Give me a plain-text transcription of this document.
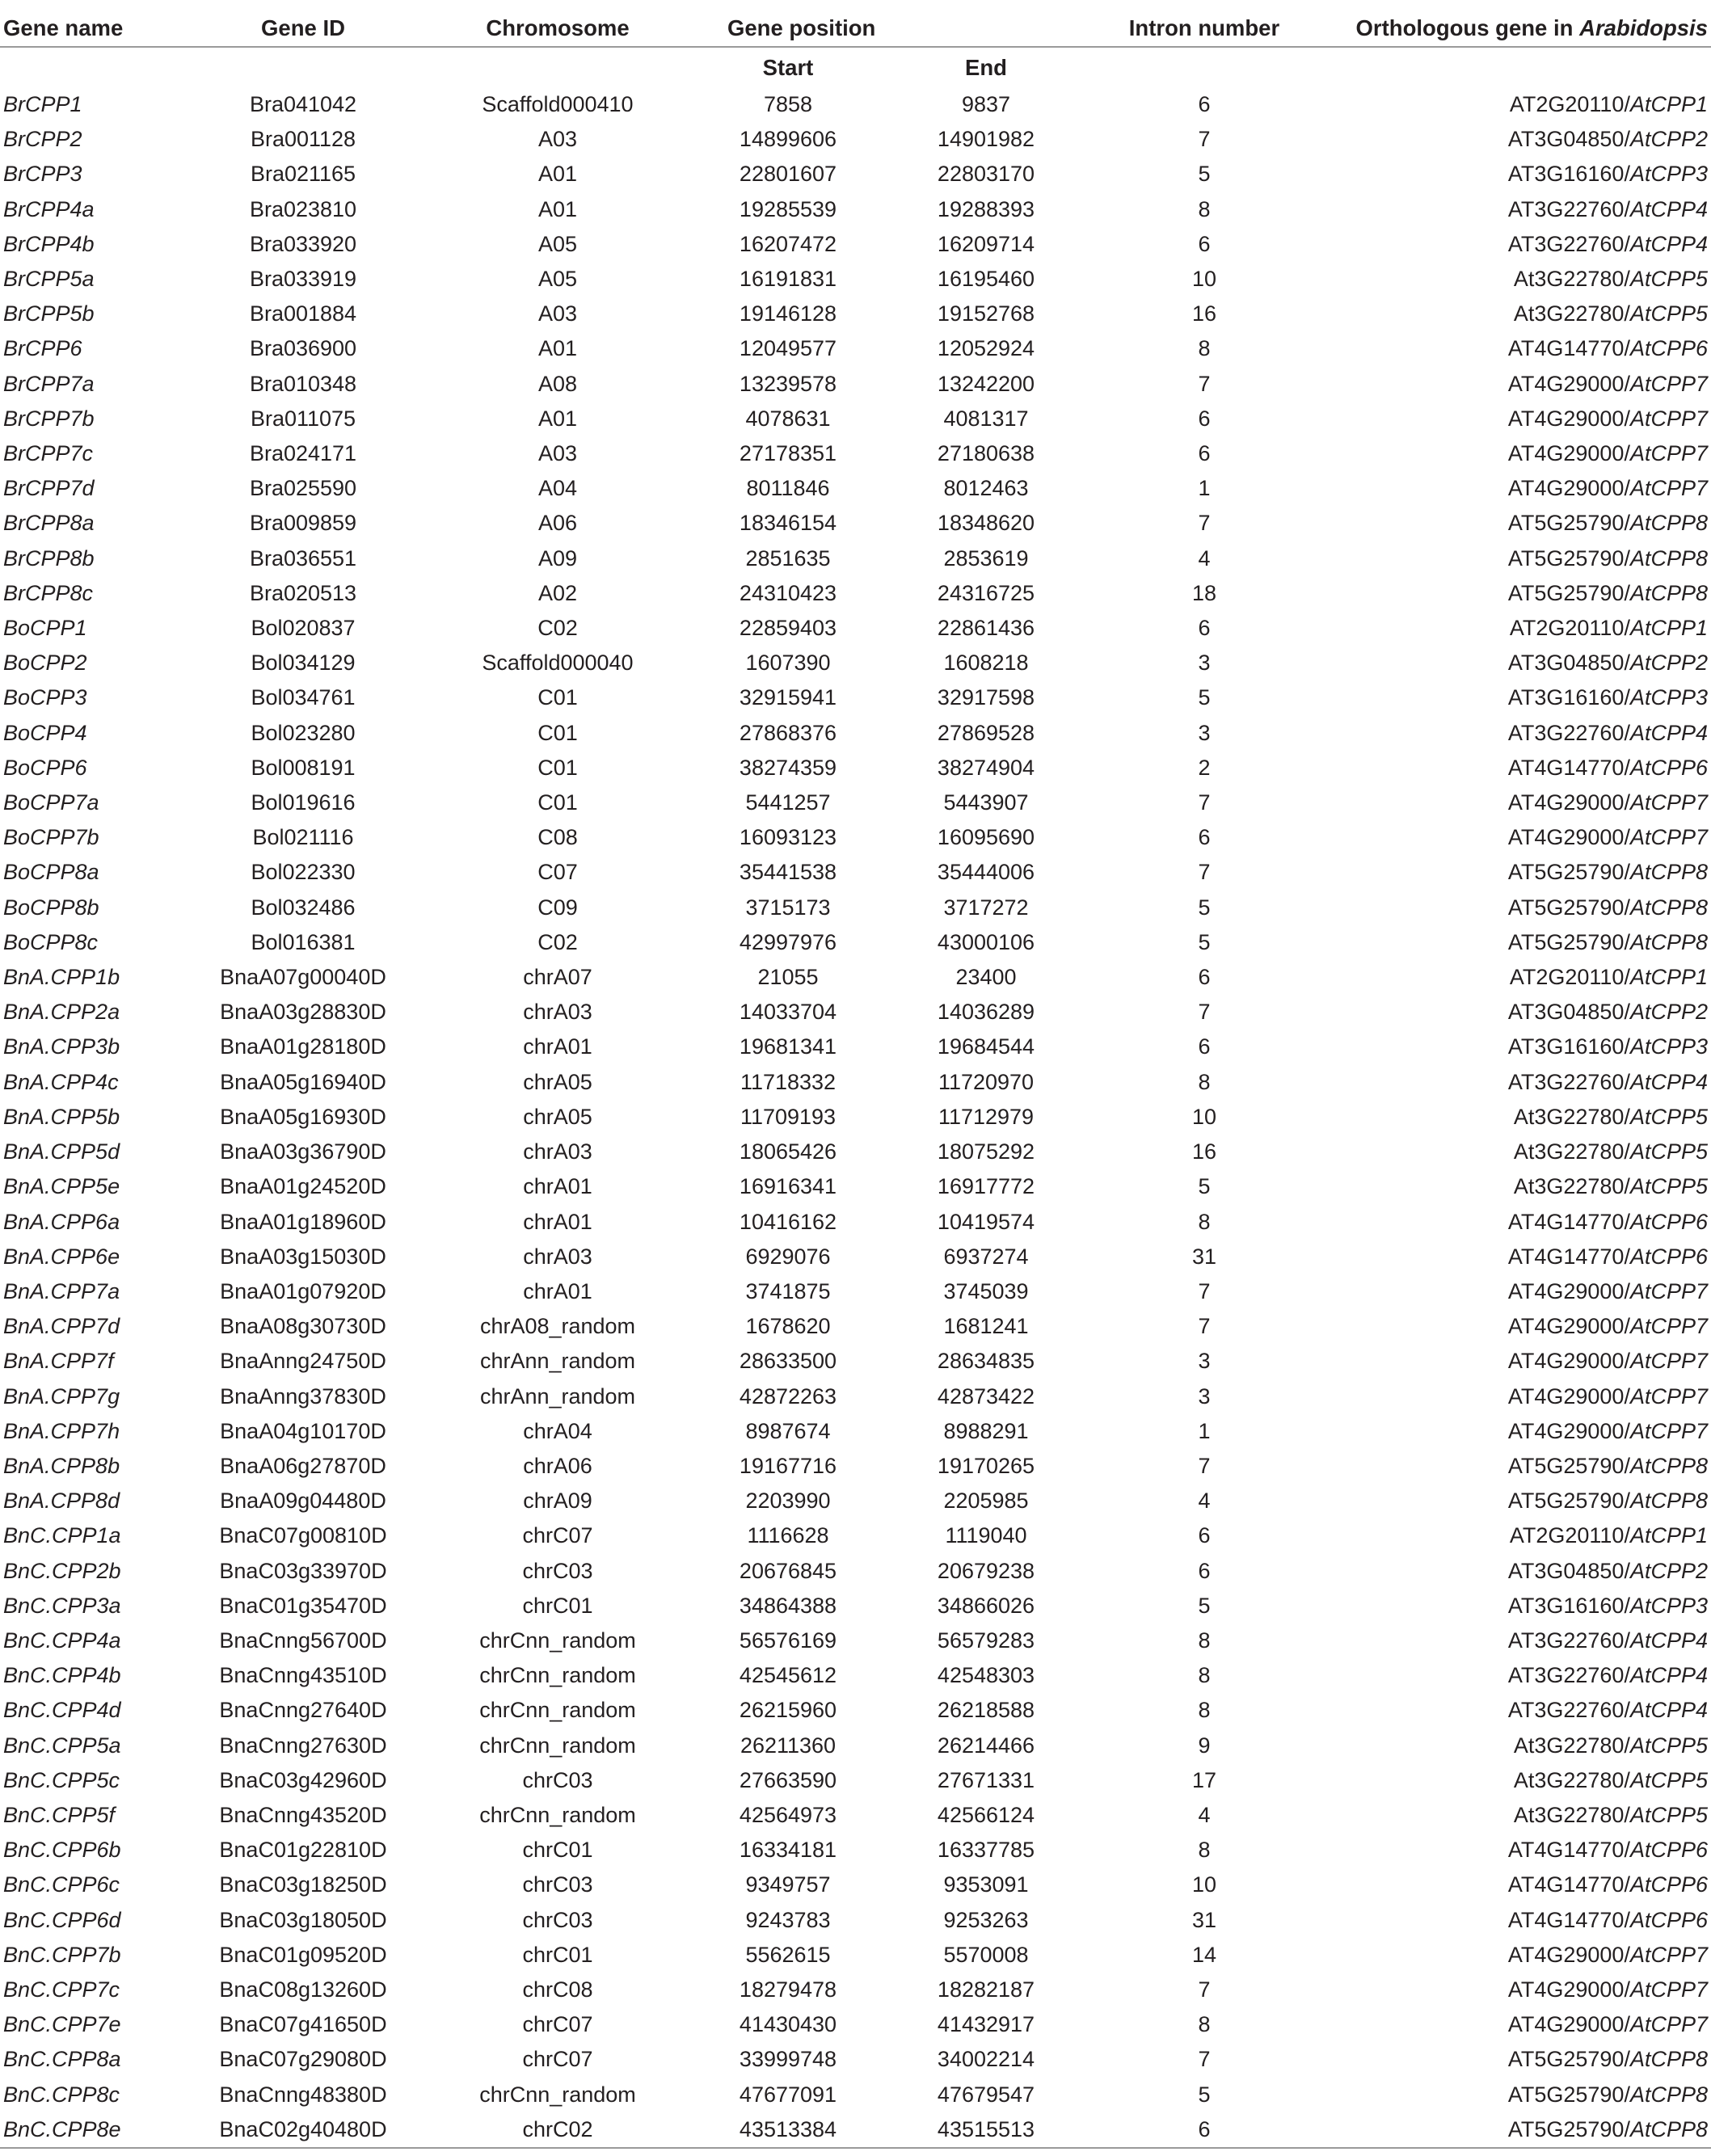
Gene name	Gene ID	Chromosome	Gene position		Intron number	Orthologous gene in Arabidopsis
			Start	End		
BrCPP1	Bra041042	Scaffold000410	7858	9837	6	AT2G20110/AtCPP1
BrCPP2	Bra001128	A03	14899606	14901982	7	AT3G04850/AtCPP2
BrCPP3	Bra021165	A01	22801607	22803170	5	AT3G16160/AtCPP3
BrCPP4a	Bra023810	A01	19285539	19288393	8	AT3G22760/AtCPP4
BrCPP4b	Bra033920	A05	16207472	16209714	6	AT3G22760/AtCPP4
BrCPP5a	Bra033919	A05	16191831	16195460	10	At3G22780/AtCPP5
BrCPP5b	Bra001884	A03	19146128	19152768	16	At3G22780/AtCPP5
BrCPP6	Bra036900	A01	12049577	12052924	8	AT4G14770/AtCPP6
BrCPP7a	Bra010348	A08	13239578	13242200	7	AT4G29000/AtCPP7
BrCPP7b	Bra011075	A01	4078631	4081317	6	AT4G29000/AtCPP7
BrCPP7c	Bra024171	A03	27178351	27180638	6	AT4G29000/AtCPP7
BrCPP7d	Bra025590	A04	8011846	8012463	1	AT4G29000/AtCPP7
BrCPP8a	Bra009859	A06	18346154	18348620	7	AT5G25790/AtCPP8
BrCPP8b	Bra036551	A09	2851635	2853619	4	AT5G25790/AtCPP8
BrCPP8c	Bra020513	A02	24310423	24316725	18	AT5G25790/AtCPP8
BoCPP1	Bol020837	C02	22859403	22861436	6	AT2G20110/AtCPP1
BoCPP2	Bol034129	Scaffold000040	1607390	1608218	3	AT3G04850/AtCPP2
BoCPP3	Bol034761	C01	32915941	32917598	5	AT3G16160/AtCPP3
BoCPP4	Bol023280	C01	27868376	27869528	3	AT3G22760/AtCPP4
BoCPP6	Bol008191	C01	38274359	38274904	2	AT4G14770/AtCPP6
BoCPP7a	Bol019616	C01	5441257	5443907	7	AT4G29000/AtCPP7
BoCPP7b	Bol021116	C08	16093123	16095690	6	AT4G29000/AtCPP7
BoCPP8a	Bol022330	C07	35441538	35444006	7	AT5G25790/AtCPP8
BoCPP8b	Bol032486	C09	3715173	3717272	5	AT5G25790/AtCPP8
BoCPP8c	Bol016381	C02	42997976	43000106	5	AT5G25790/AtCPP8
BnA.CPP1b	BnaA07g00040D	chrA07	21055	23400	6	AT2G20110/AtCPP1
BnA.CPP2a	BnaA03g28830D	chrA03	14033704	14036289	7	AT3G04850/AtCPP2
BnA.CPP3b	BnaA01g28180D	chrA01	19681341	19684544	6	AT3G16160/AtCPP3
BnA.CPP4c	BnaA05g16940D	chrA05	11718332	11720970	8	AT3G22760/AtCPP4
BnA.CPP5b	BnaA05g16930D	chrA05	11709193	11712979	10	At3G22780/AtCPP5
BnA.CPP5d	BnaA03g36790D	chrA03	18065426	18075292	16	At3G22780/AtCPP5
BnA.CPP5e	BnaA01g24520D	chrA01	16916341	16917772	5	At3G22780/AtCPP5
BnA.CPP6a	BnaA01g18960D	chrA01	10416162	10419574	8	AT4G14770/AtCPP6
BnA.CPP6e	BnaA03g15030D	chrA03	6929076	6937274	31	AT4G14770/AtCPP6
BnA.CPP7a	BnaA01g07920D	chrA01	3741875	3745039	7	AT4G29000/AtCPP7
BnA.CPP7d	BnaA08g30730D	chrA08_random	1678620	1681241	7	AT4G29000/AtCPP7
BnA.CPP7f	BnaAnng24750D	chrAnn_random	28633500	28634835	3	AT4G29000/AtCPP7
BnA.CPP7g	BnaAnng37830D	chrAnn_random	42872263	42873422	3	AT4G29000/AtCPP7
BnA.CPP7h	BnaA04g10170D	chrA04	8987674	8988291	1	AT4G29000/AtCPP7
BnA.CPP8b	BnaA06g27870D	chrA06	19167716	19170265	7	AT5G25790/AtCPP8
BnA.CPP8d	BnaA09g04480D	chrA09	2203990	2205985	4	AT5G25790/AtCPP8
BnC.CPP1a	BnaC07g00810D	chrC07	1116628	1119040	6	AT2G20110/AtCPP1
BnC.CPP2b	BnaC03g33970D	chrC03	20676845	20679238	6	AT3G04850/AtCPP2
BnC.CPP3a	BnaC01g35470D	chrC01	34864388	34866026	5	AT3G16160/AtCPP3
BnC.CPP4a	BnaCnng56700D	chrCnn_random	56576169	56579283	8	AT3G22760/AtCPP4
BnC.CPP4b	BnaCnng43510D	chrCnn_random	42545612	42548303	8	AT3G22760/AtCPP4
BnC.CPP4d	BnaCnng27640D	chrCnn_random	26215960	26218588	8	AT3G22760/AtCPP4
BnC.CPP5a	BnaCnng27630D	chrCnn_random	26211360	26214466	9	At3G22780/AtCPP5
BnC.CPP5c	BnaC03g42960D	chrC03	27663590	27671331	17	At3G22780/AtCPP5
BnC.CPP5f	BnaCnng43520D	chrCnn_random	42564973	42566124	4	At3G22780/AtCPP5
BnC.CPP6b	BnaC01g22810D	chrC01	16334181	16337785	8	AT4G14770/AtCPP6
BnC.CPP6c	BnaC03g18250D	chrC03	9349757	9353091	10	AT4G14770/AtCPP6
BnC.CPP6d	BnaC03g18050D	chrC03	9243783	9253263	31	AT4G14770/AtCPP6
BnC.CPP7b	BnaC01g09520D	chrC01	5562615	5570008	14	AT4G29000/AtCPP7
BnC.CPP7c	BnaC08g13260D	chrC08	18279478	18282187	7	AT4G29000/AtCPP7
BnC.CPP7e	BnaC07g41650D	chrC07	41430430	41432917	8	AT4G29000/AtCPP7
BnC.CPP8a	BnaC07g29080D	chrC07	33999748	34002214	7	AT5G25790/AtCPP8
BnC.CPP8c	BnaCnng48380D	chrCnn_random	47677091	47679547	5	AT5G25790/AtCPP8
BnC.CPP8e	BnaC02g40480D	chrC02	43513384	43515513	6	AT5G25790/AtCPP8
